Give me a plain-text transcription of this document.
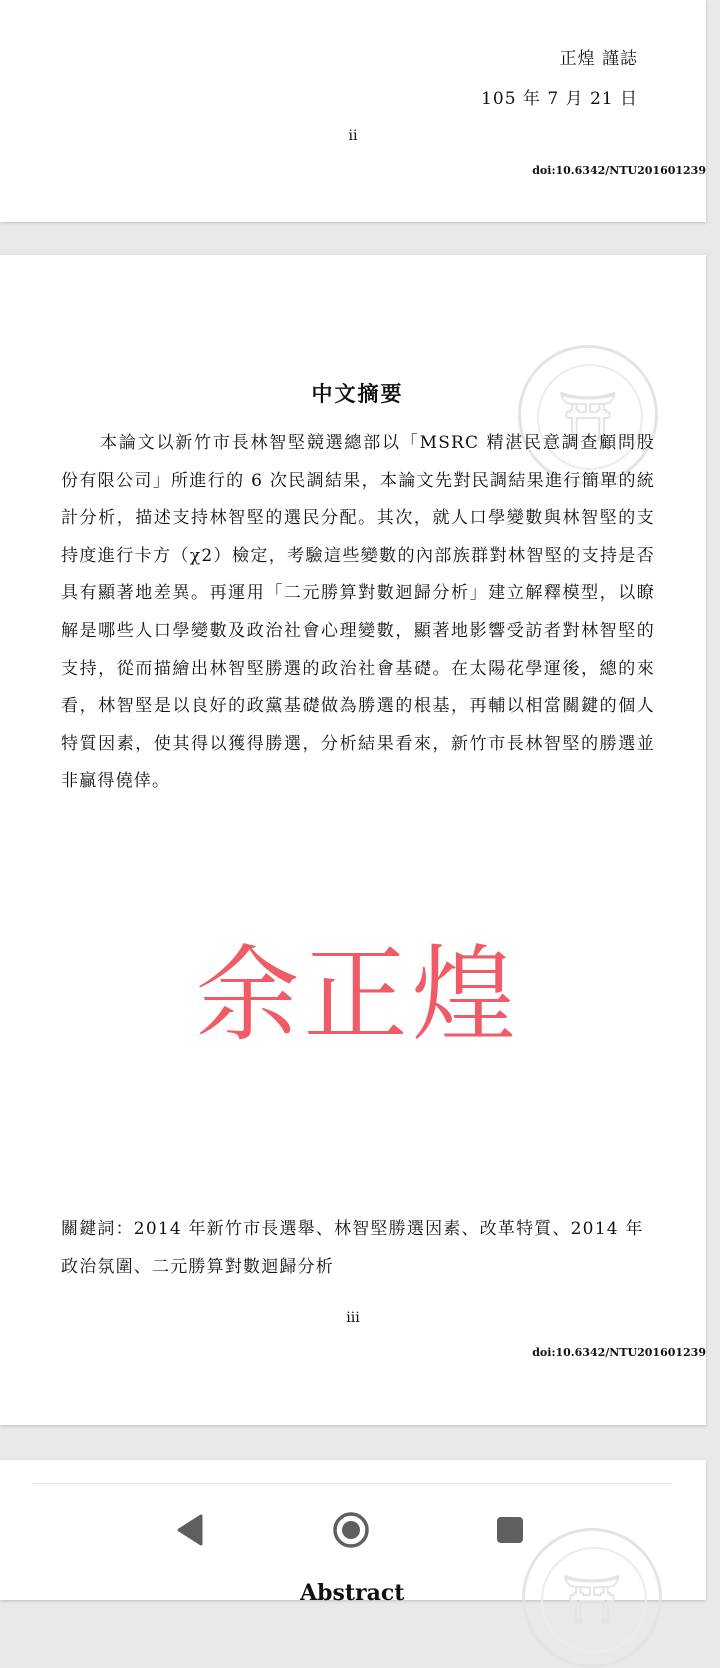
正煌 謹誌
105 年 7 月 21 日
ii
doi:10.6342/NTU201601239
⛩
中文摘要

本論文以新竹市長林智堅競選總部以「MSRC 精湛民意調查顧問股份有限公司」所進行的 6 次民調結果，本論文先對民調結果進行簡單的統計分析，描述支持林智堅的選民分配。其次，就人口學變數與林智堅的支持度進行卡方（χ2）檢定，考驗這些變數的內部族群對林智堅的支持是否具有顯著地差異。再運用「二元勝算對數迴歸分析」建立解釋模型，以瞭解是哪些人口學變數及政治社會心理變數，顯著地影響受訪者對林智堅的支持，從而描繪出林智堅勝選的政治社會基礎。在太陽花學運後，總的來看，林智堅是以良好的政黨基礎做為勝選的根基，再輔以相當關鍵的個人特質因素，使其得以獲得勝選，分析結果看來，新竹市長林智堅的勝選並非贏得僥倖。

余正煌
關鍵詞：2014 年新竹市長選舉、林智堅勝選因素、改革特質、2014 年政治氛圍、二元勝算對數迴歸分析
iii
doi:10.6342/NTU201601239
⛩
Abstract
